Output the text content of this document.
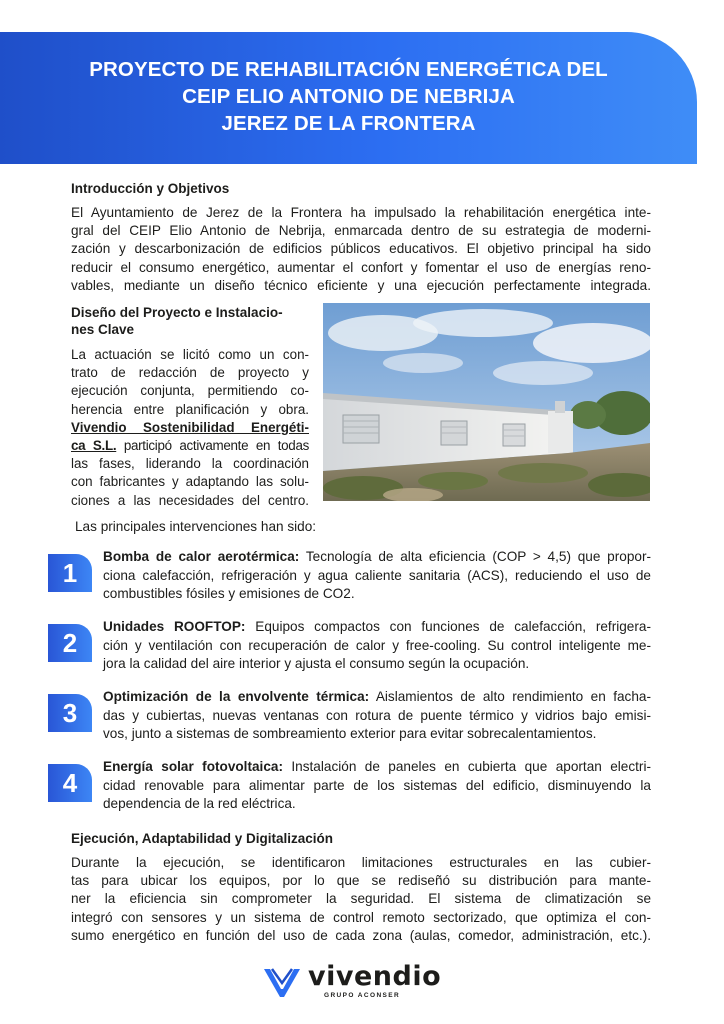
PROYECTO DE REHABILITACIÓN ENERGÉTICA DEL
CEIP ELIO ANTONIO DE NEBRIJA
JEREZ DE LA FRONTERA
Introducción y Objetivos
El Ayuntamiento de Jerez de la Frontera ha impulsado la rehabilitación energética inte-
gral del CEIP Elio Antonio de Nebrija, enmarcada dentro de su estrategia de moderni-
zación y descarbonización de edificios públicos educativos. El objetivo principal ha sido
reducir el consumo energético, aumentar el confort y fomentar el uso de energías reno-
vables, mediante un diseño técnico eficiente y una ejecución perfectamente integrada.
Diseño del Proyecto e Instalacio-
nes Clave
La actuación se licitó como un con-
trato de redacción de proyecto y
ejecución conjunta, permitiendo co-
herencia entre planificación y obra.
Vivendio Sostenibilidad Energéti-
ca S.L. participó activamente en todas
las fases, liderando la coordinación
con fabricantes y adaptando las solu-
ciones a las necesidades del centro.
Las principales intervenciones han sido:
1
Bomba de calor aerotérmica: Tecnología de alta eficiencia (COP > 4,5) que propor-
ciona calefacción, refrigeración y agua caliente sanitaria (ACS), reduciendo el uso de
combustibles fósiles y emisiones de CO2.
2
Unidades ROOFTOP: Equipos compactos con funciones de calefacción, refrigera-
ción y ventilación con recuperación de calor y free-cooling. Su control inteligente me-
jora la calidad del aire interior y ajusta el consumo según la ocupación.
3
Optimización de la envolvente térmica: Aislamientos de alto rendimiento en facha-
das y cubiertas, nuevas ventanas con rotura de puente térmico y vidrios bajo emisi-
vos, junto a sistemas de sombreamiento exterior para evitar sobrecalentamientos.
4
Energía solar fotovoltaica: Instalación de paneles en cubierta que aportan electri-
cidad renovable para alimentar parte de los sistemas del edificio, disminuyendo la
dependencia de la red eléctrica.
Ejecución, Adaptabilidad y Digitalización
Durante la ejecución, se identificaron limitaciones estructurales en las cubier-
tas para ubicar los equipos, por lo que se rediseñó su distribución para mante-
ner la eficiencia sin comprometer la seguridad. El sistema de climatización se
integró con sensores y un sistema de control remoto sectorizado, que optimiza el con-
sumo energético en función del uso de cada zona (aulas, comedor, administración, etc.).
vivendio
GRUPO ACONSER
